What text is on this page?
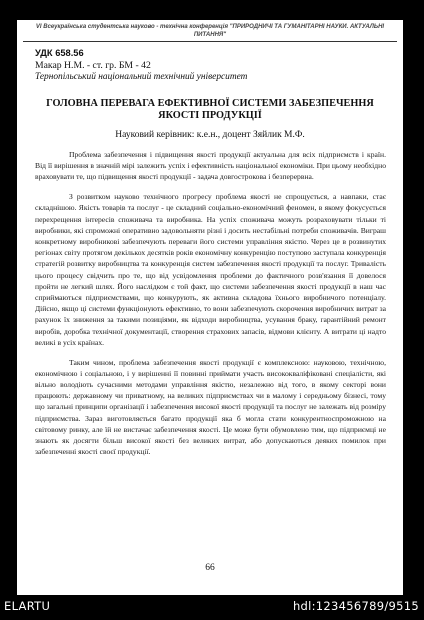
VI Всеукраїнська студентська науково - технічна конференція "ПРИРОДНИЧІ ТА ГУМАНІТАРНІ НАУКИ. АКТУАЛЬНІ ПИТАННЯ"
УДК 658.56
Макар Н.М. - ст. гр. БМ - 42
Тернопільський національний технічний університет
ГОЛОВНА ПЕРЕВАГА ЕФЕКТИВНОЇ СИСТЕМИ ЗАБЕЗПЕЧЕННЯ ЯКОСТІ ПРОДУКЦІЇ
Науковий керівник: к.е.н., доцент Зяйлик М.Ф.

Проблема забезпечення і підвищення якості продукції актуальна для всіх підприємств і країн. Від її вирішення в значній мірі залежить успіх і ефективність національної економіки. При цьому необхідно враховувати те, що підвищення якості продукції - задача довгострокова і безперервна.

З розвитком науково технічного прогресу проблема якості не спрощується, а навпаки, стає складнішою. Якість товарів та послуг - це складний соціально-економічний феномен, в якому фокусується перехрещення інтересів споживача та виробника. На успіх споживача можуть розраховувати тільки ті виробники, які спроможні оперативно задовольняти різні і досить нестабільні потреби споживачів. Виграш конкретному виробникові забезпечують переваги його системи управління якістю. Через це в розвинутих регіонах світу протягом декількох десятків років економічну конкуренцію поступово заступала конкуренція стратегій розвитку виробництва та конкуренція систем забезпечення якості продукції та послуг. Тривалість цього процесу свідчить про те, що від усвідомлення проблеми до фактичного розв'язання її довелося пройти не легкий шлях. Його наслідком є той факт, що системи забезпечення якості продукції в наш час сприймаються підприємствами, що конкурують, як активна складова їхнього виробничого потенціалу. Дійсно, якщо ці системи функціонують ефективно, то вони забезпечують скорочення виробничих витрат за рахунок їх зниження за такими позиціями, як відходи виробництва, усування браку, гарантійний ремонт виробів, доробка технічної документації, створення страхових запасів, відмови клієнту. А витрати ці надто великі в усіх країнах.

Таким чином, проблема забезпечення якості продукції є комплексною: науковою, технічною, економічною і соціальною, і у вирішенні її повинні приймати участь висококваліфіковані спеціалісти, які вільно володіють сучасними методами управління якістю, незалежно від того, в якому секторі вони працюють: державному чи приватному, на великих підприємствах чи в малому і середньому бізнесі, тому що загальні принципи організації і забезпечення високої якості продукції та послуг не залежать від розміру підприємства. Зараз виготовляється багато продукції яка б могла стати конкурентноспроможною на світовому ринку, але їй не вистачає забезпечення якості. Це може бути обумовлено тим, що підприємці не знають як досягти більш високої якості без великих витрат, або допускаються деяких помилок при забезпеченні якості своєї продукції.

66
ELARTU	hdl:123456789/9515
